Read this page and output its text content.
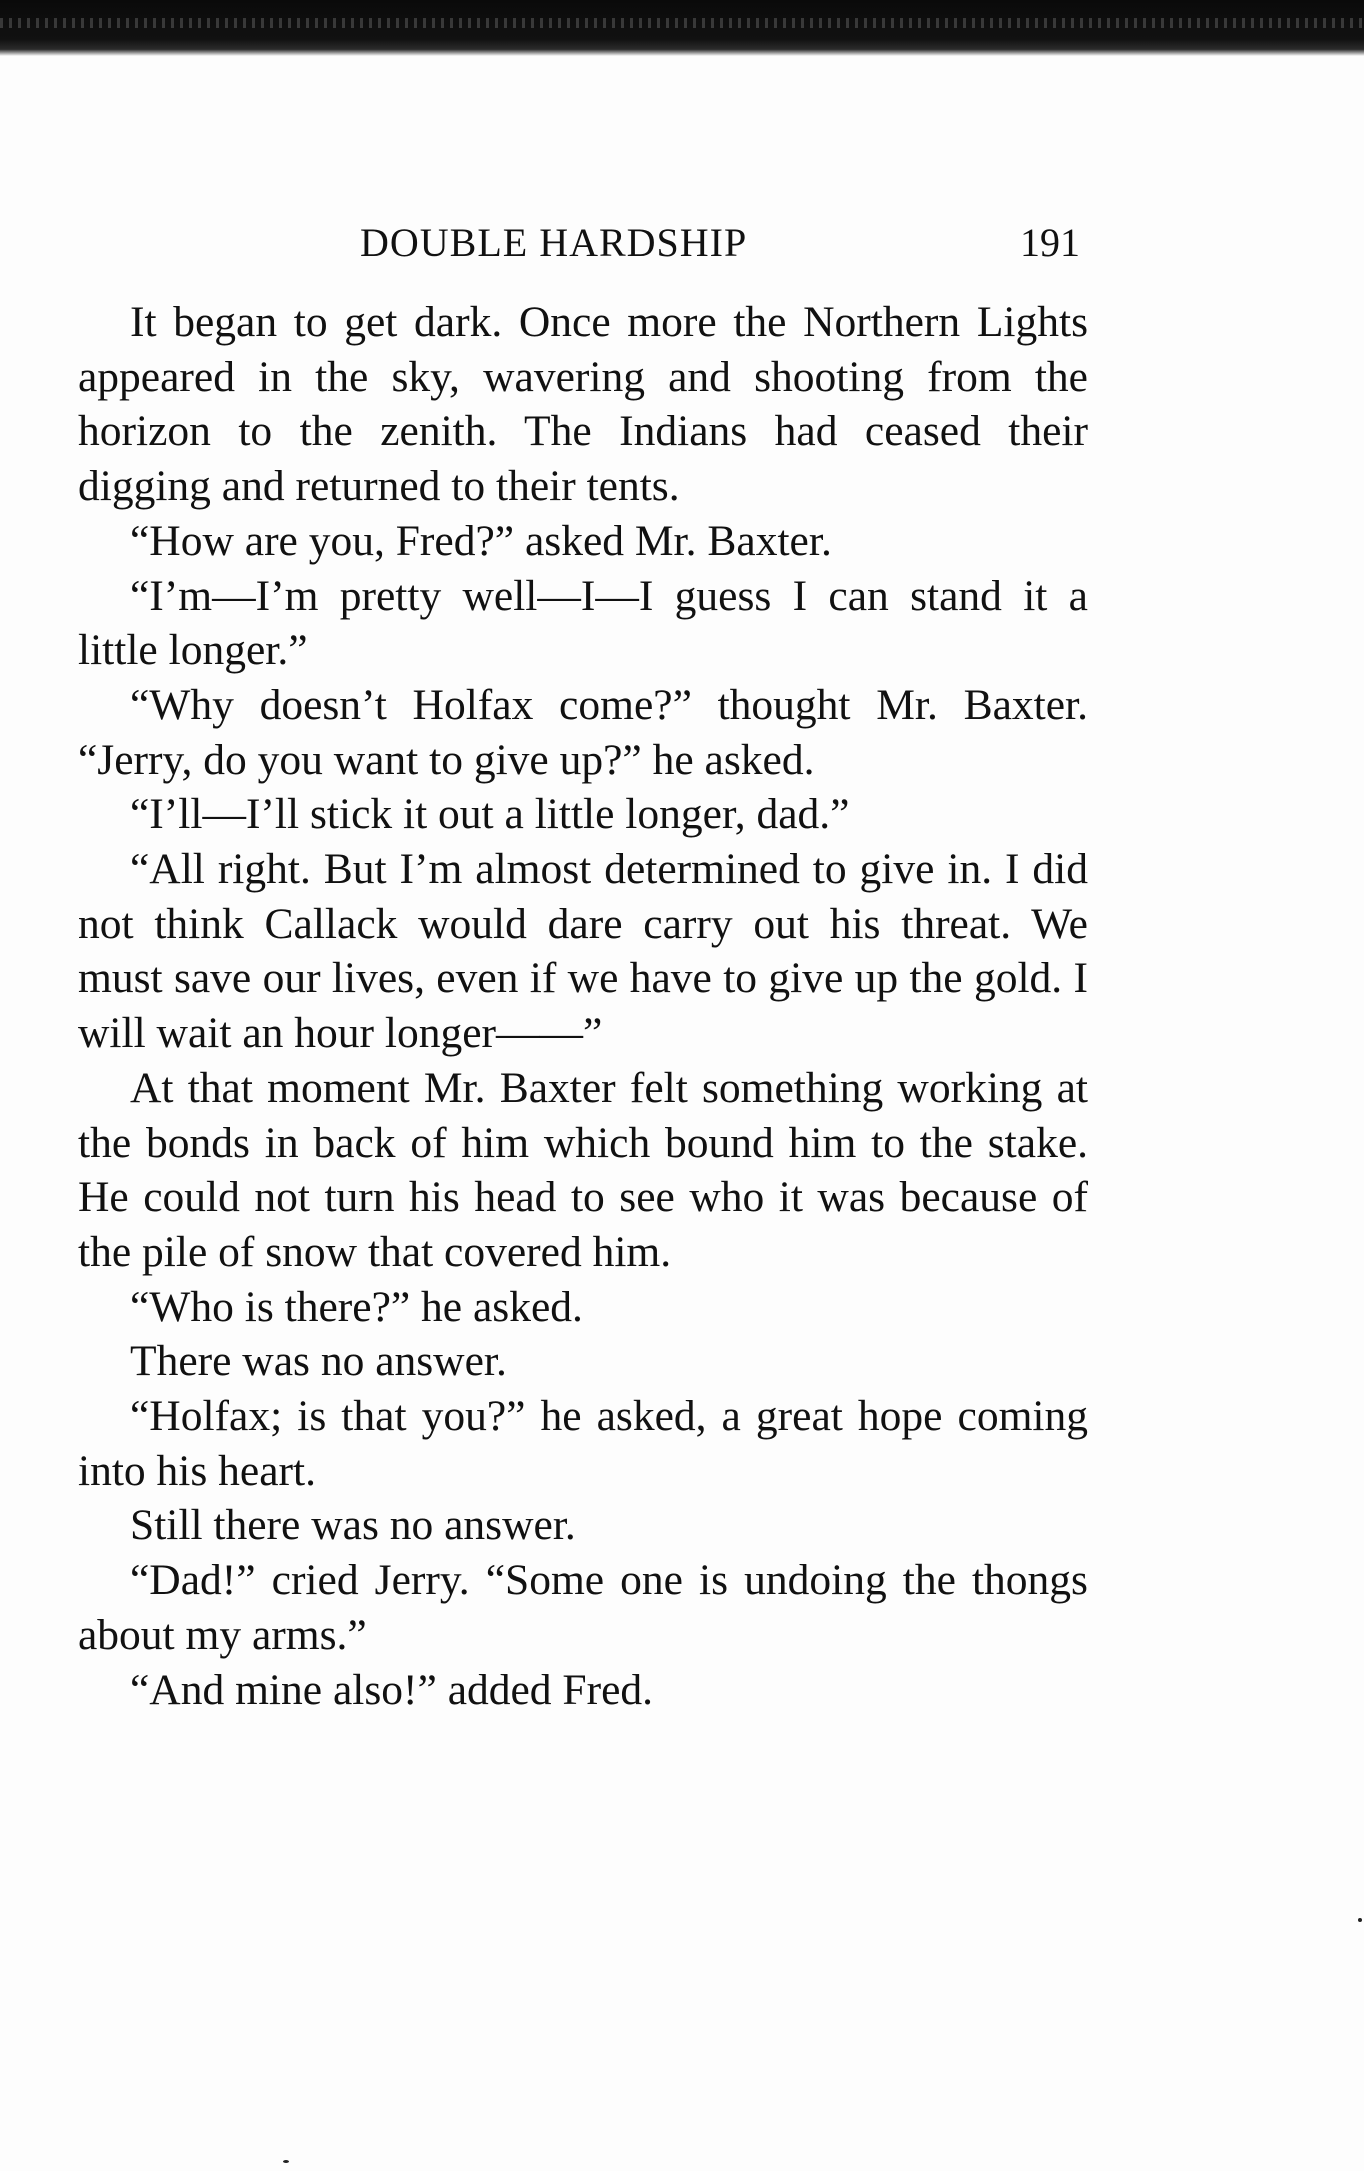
DOUBLE HARDSHIP	191

It began to get dark. Once more the Northern Lights appeared in the sky, wavering and shooting from the horizon to the zenith. The Indians had ceased their digging and returned to their tents.

“How are you, Fred?” asked Mr. Baxter.

“I’m—I’m pretty well—I—I guess I can stand it a little longer.”

“Why doesn’t Holfax come?” thought Mr. Baxter. “Jerry, do you want to give up?” he asked.

“I’ll—I’ll stick it out a little longer, dad.”

“All right. But I’m almost determined to give in. I did not think Callack would dare carry out his threat. We must save our lives, even if we have to give up the gold. I will wait an hour longer——”

At that moment Mr. Baxter felt something working at the bonds in back of him which bound him to the stake. He could not turn his head to see who it was because of the pile of snow that covered him.

“Who is there?” he asked.

There was no answer.

“Holfax; is that you?” he asked, a great hope coming into his heart.

Still there was no answer.

“Dad!” cried Jerry. “Some one is undoing the thongs about my arms.”

“And mine also!” added Fred.
